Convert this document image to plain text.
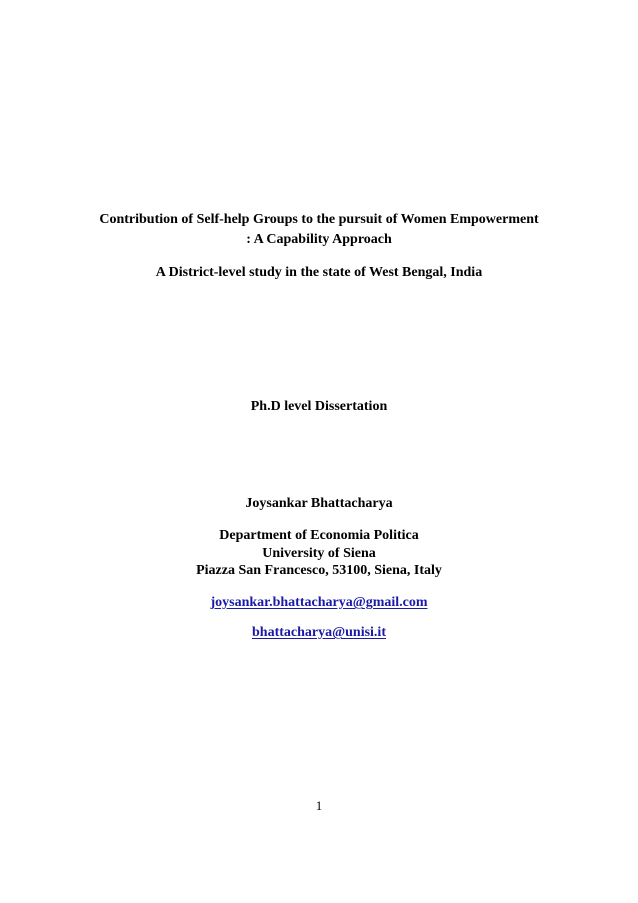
Contribution of Self-help Groups to the pursuit of Women Empowerment
: A Capability Approach
A District-level study in the state of West Bengal, India
Ph.D level Dissertation
Joysankar Bhattacharya
Department of Economia Politica
University of Siena
Piazza San Francesco, 53100, Siena, Italy
joysankar.bhattacharya@gmail.com
bhattacharya@unisi.it
1
